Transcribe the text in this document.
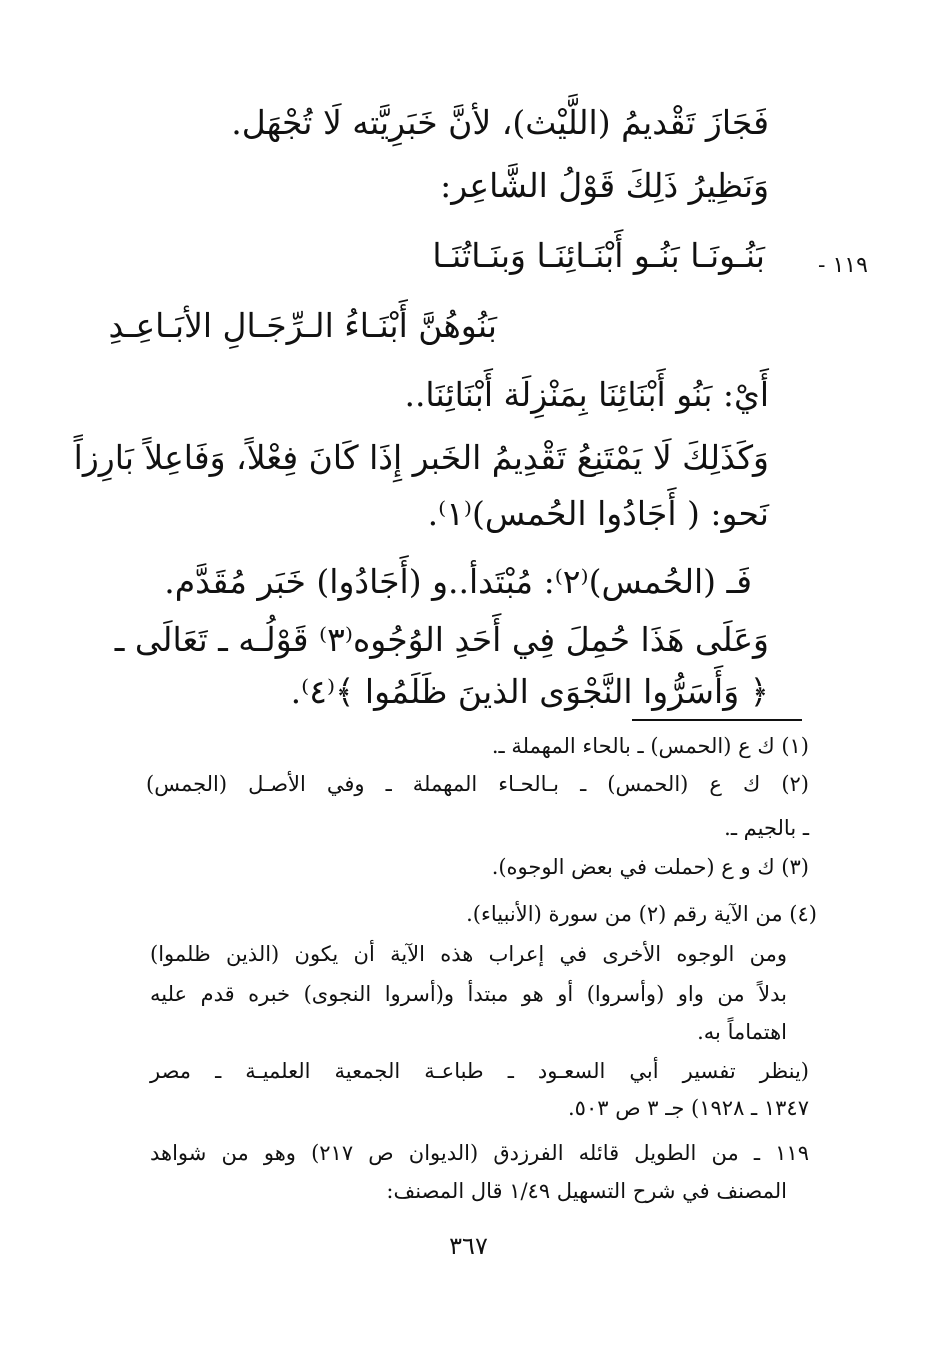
فَجَازَ تَقْديمُ (اللَّيْث)، لأنَّ خَبَرِيَّته لَا تُجْهَل.
وَنَظِيرُ ذَلِكَ قَوْلُ الشَّاعِر:
١١٩ -
بَنُـونَـا بَنُـو أَبْنَـائِنَـا وَبنَـاتُنَـا
بَنُوهُنَّ أَبْنَـاءُ الـرِّجَـالِ الأبَـاعِـدِ
أَيْ: بَنُو أَبْنَائِنَا بِمَنْزِلَة أَبْنَائِنَا..
وَكَذَلِكَ لَا يَمْتَنِعُ تَقْدِيمُ الخَبر إِذَا كَانَ فِعْلاً، وَفَاعِلاً بَارِزاً
نَحو: ( أَجَادُوا الحُمس)⁽١⁾.
فَـ (الحُمس)⁽٢⁾: مُبْتَدأ..و (أَجَادُوا) خَبَر مُقَدَّم.
وَعَلَى هَذَا حُمِلَ فِي أَحَدِ الوُجُوه⁽٣⁾ قَوْلُـه ـ تَعَالَى ـ
﴿ وَأَسَرُّوا النَّجْوَى الذينَ ظَلَمُوا ﴾⁽٤⁾.
(١) ك ع (الحمس) ـ بالحاء المهملة ـ.
(٢) ك ع (الحمس) ـ بـالحـاء المهملة ـ وفي الأصـل (الجمس)
ـ بالجيم ـ.
(٣) ك و ع (حملت في بعض الوجوه).
(٤) من الآية رقم (٢) من سورة (الأنبياء).
ومن الوجوه الأخرى في إعراب هذه الآية أن يكون (الذين ظلموا)
بدلاً من واو (وأسروا) أو هو مبتدأ و(أسروا النجوى) خبره قدم عليه
اهتماماً به.
(ينظر تفسير أبي السعـود ـ طباعـة الجمعية العلميـة ـ مصر
١٣٤٧ ـ ١٩٢٨) جـ ٣ ص ٥٠٣.
١١٩ ـ من الطويل قائله الفرزدق (الديوان ص ٢١٧) وهو من شواهد
المصنف في شرح التسهيل ١/٤٩ قال المصنف:
٣٦٧
